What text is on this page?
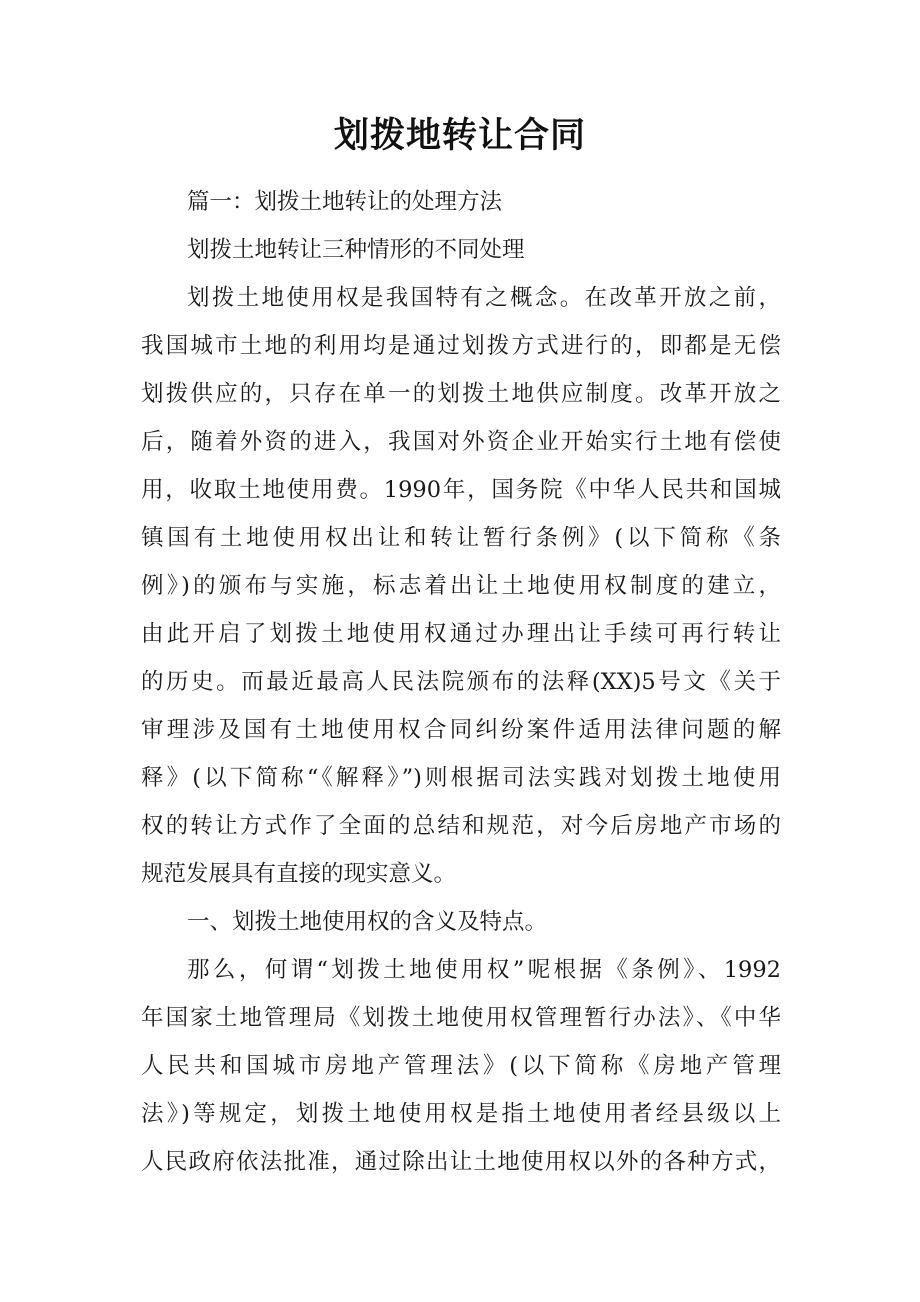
划拨地转让合同
篇一：划拨土地转让的处理方法
划拨土地转让三种情形的不同处理
划拨土地使用权是我国特有之概念。在改革开放之前，
我国城市土地的利用均是通过划拨方式进行的，即都是无偿
划拨供应的，只存在单一的划拨土地供应制度。改革开放之
后，随着外资的进入，我国对外资企业开始实行土地有偿使
用，收取土地使用费。1990年，国务院《中华人民共和国城
镇国有土地使用权出让和转让暂行条例》(以下简称《条
例》)的颁布与实施，标志着出让土地使用权制度的建立，
由此开启了划拨土地使用权通过办理出让手续可再行转让
的历史。而最近最高人民法院颁布的法释(XX)5号文《关于
审理涉及国有土地使用权合同纠纷案件适用法律问题的解
释》(以下简称“《解释》”)则根据司法实践对划拨土地使用
权的转让方式作了全面的总结和规范，对今后房地产市场的
规范发展具有直接的现实意义。
一、划拨土地使用权的含义及特点。
那么，何谓“划拨土地使用权”呢根据《条例》、1992
年国家土地管理局《划拨土地使用权管理暂行办法》、《中华
人民共和国城市房地产管理法》(以下简称《房地产管理
法》)等规定，划拨土地使用权是指土地使用者经县级以上
人民政府依法批准，通过除出让土地使用权以外的各种方式，
